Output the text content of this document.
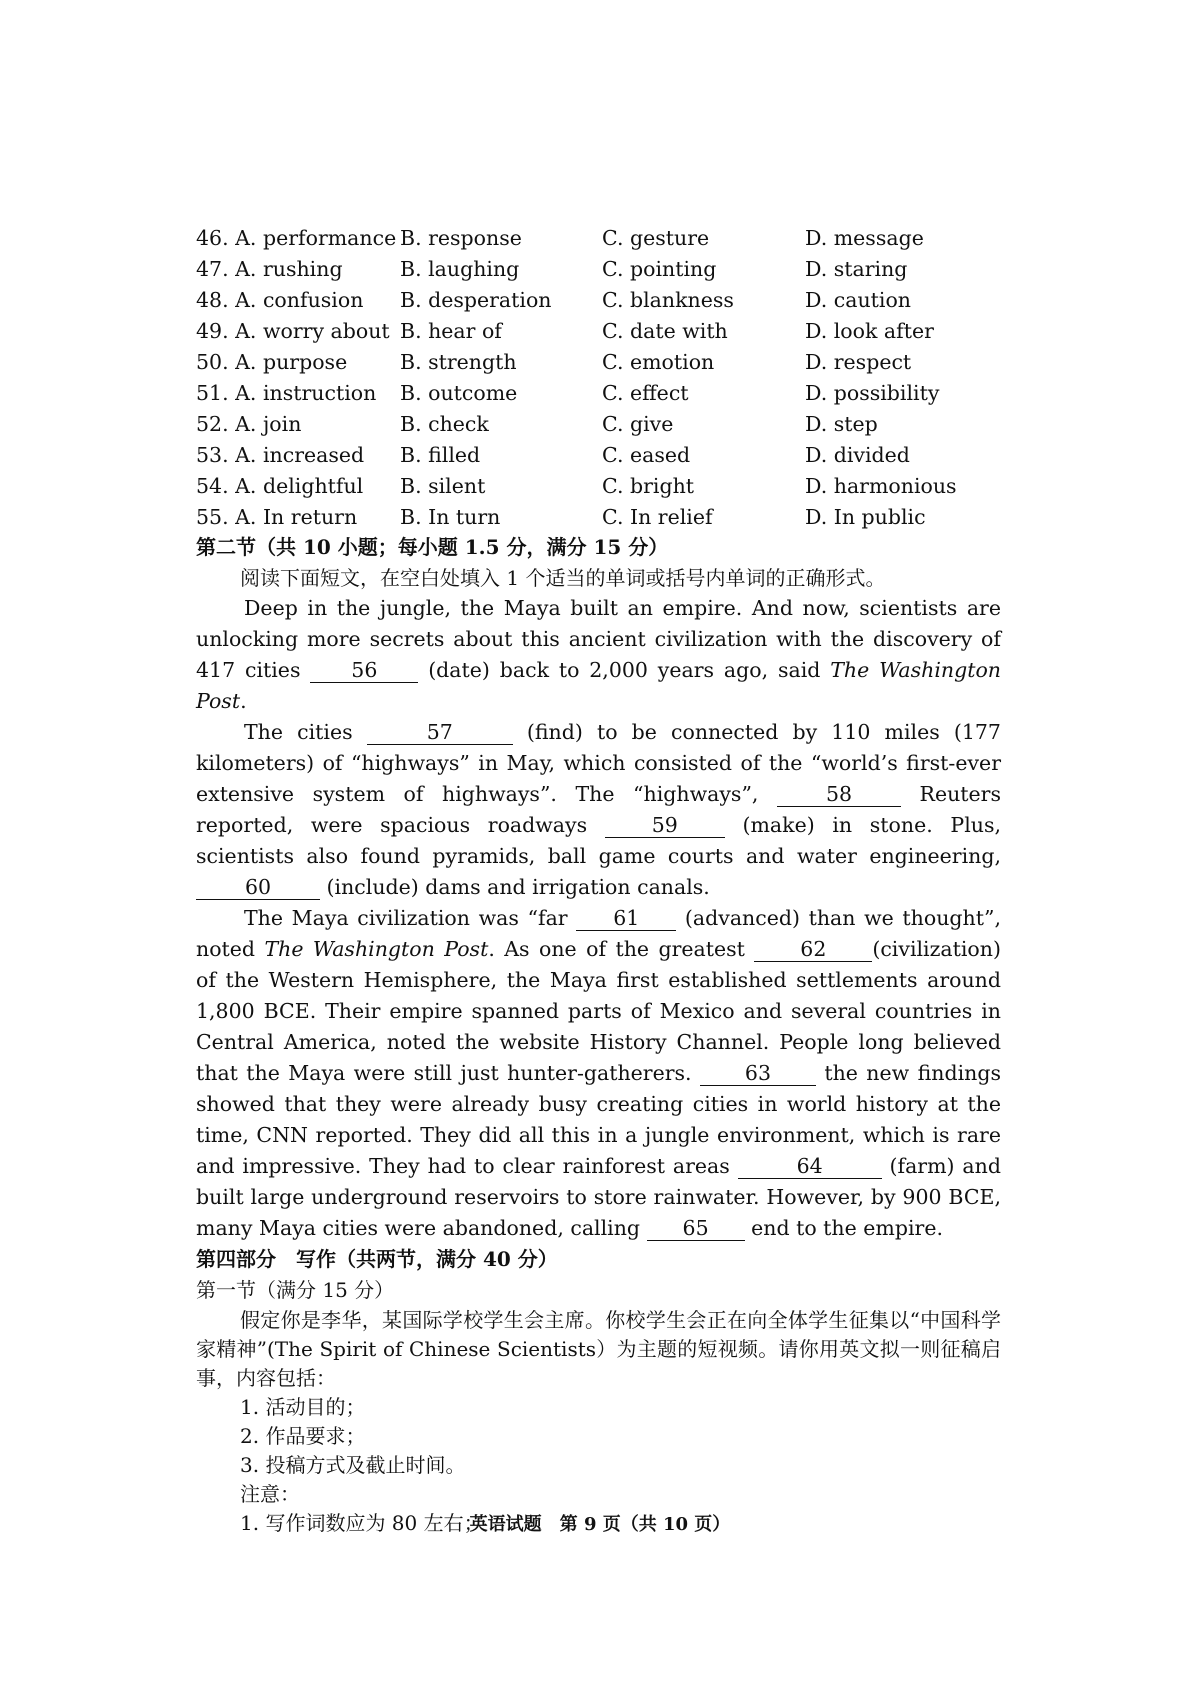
46. A. performance B. response	C. gesture	D. message
47. A. rushing	B. laughing	C. pointing	D. staring
48. A. confusion	B. desperation	C. blankness	D. caution
49. A. worry about B. hear of	C. date with	D. look after
50. A. purpose	B. strength	C. emotion	D. respect
51. A. instruction	B. outcome	C. effect	D. possibility
52. A. join	B. check	C. give	D. step
53. A. increased	B. filled	C. eased	D. divided
54. A. delightful	B. silent	C. bright	D. harmonious
55. A. In return	B. In turn	C. In relief	D. In public
第二节（共 10 小题；每小题 1.5 分，满分 15 分）
阅读下面短文，在空白处填入 1 个适当的单词或括号内单词的正确形式。

Deep in the jungle, the Maya built an empire. And now, scientists are unlocking more secrets about this ancient civilization with the discovery of 417 cities 56 (date) back to 2,000 years ago, said The Washington Post.

The cities	57	(find) to be connected by 110 miles (177 kilometers) of “highways” in May, which consisted of the “world’s first-ever extensive system of highways”. The “highways”,	58	Reuters reported, were spacious roadways	59	(make) in stone. Plus, scientists also found pyramids, ball game courts and water engineering, 60	(include) dams and irrigation canals.

The Maya civilization was “far 61 (advanced) than we thought”, noted The Washington Post. As one of the greatest	62 (civilization) of the Western Hemisphere, the Maya first established settlements around 1,800 BCE. Their empire spanned parts of Mexico and several countries in Central America, noted the website History Channel. People long believed that the Maya were still just hunter-gatherers.	63	the new findings showed that they were already busy creating cities in world history at the time, CNN reported. They did all this in a jungle environment, which is rare and impressive. They had to clear rainforest areas	64	(farm) and built large underground reservoirs to store rainwater. However, by 900 BCE, many Maya cities were abandoned, calling 65 end to the empire.

第四部分　写作（共两节，满分 40 分）
第一节（满分 15 分）

假定你是李华，某国际学校学生会主席。你校学生会正在向全体学生征集以“中国科学家精神”(The Spirit of Chinese Scientists）为主题的短视频。请你用英文拟一则征稿启事，内容包括：

1. 活动目的；
2. 作品要求；
3. 投稿方式及截止时间。
注意：
1. 写作词数应为 80 左右；
英语试题　第 9 页（共 10 页）
